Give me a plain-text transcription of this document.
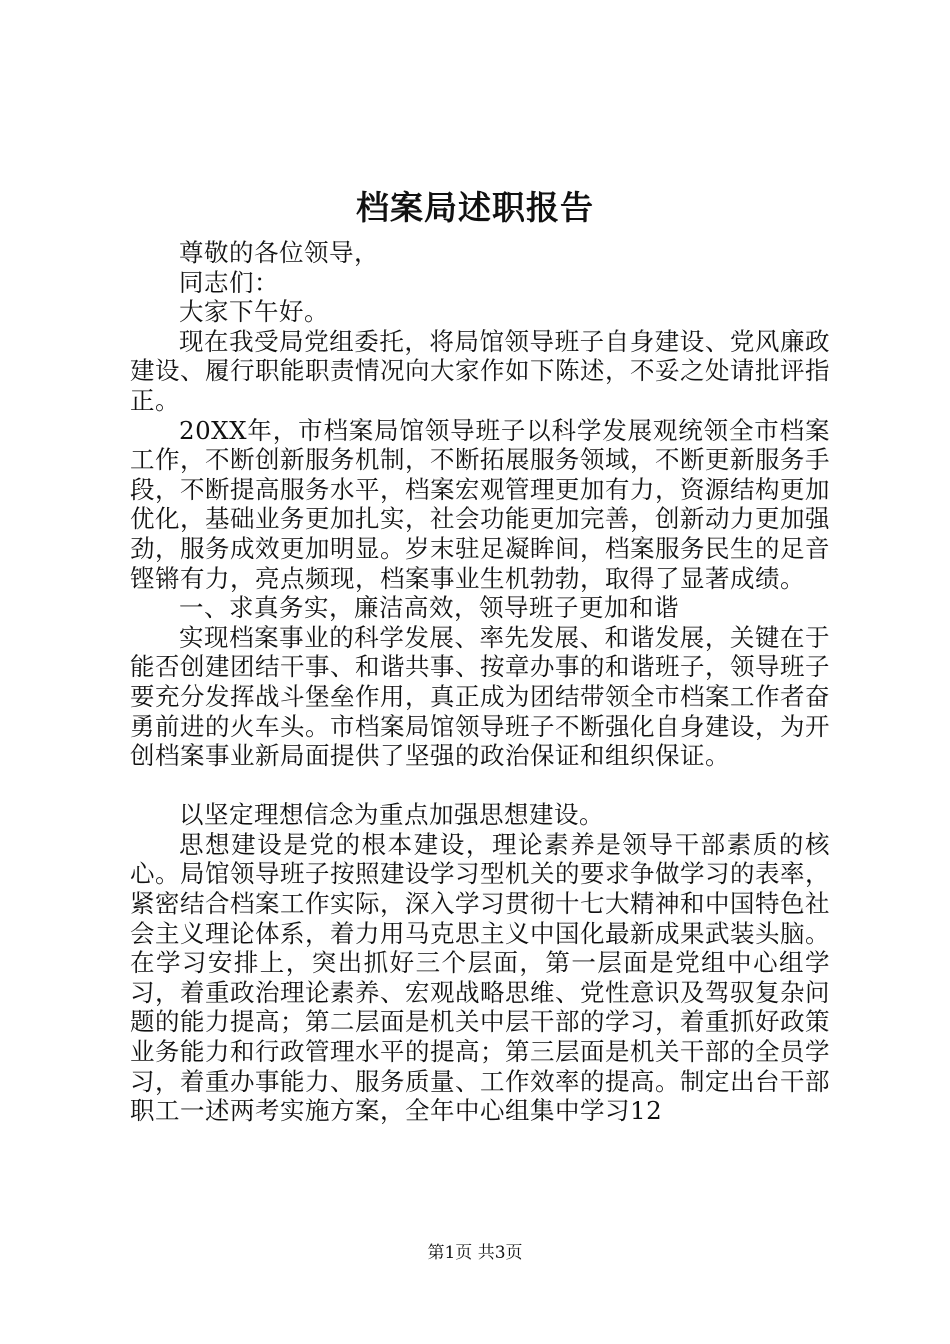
档案局述职报告

尊敬的各位领导，

同志们：

大家下午好。

现在我受局党组委托，将局馆领导班子自身建设、党风廉政建设、履行职能职责情况向大家作如下陈述，不妥之处请批评指正。

20XX年，市档案局馆领导班子以科学发展观统领全市档案工作，不断创新服务机制，不断拓展服务领域，不断更新服务手段，不断提高服务水平，档案宏观管理更加有力，资源结构更加优化，基础业务更加扎实，社会功能更加完善，创新动力更加强劲，服务成效更加明显。岁末驻足凝眸间，档案服务民生的足音铿锵有力，亮点频现，档案事业生机勃勃，取得了显著成绩。

一、求真务实，廉洁高效，领导班子更加和谐

实现档案事业的科学发展、率先发展、和谐发展，关键在于能否创建团结干事、和谐共事、按章办事的和谐班子，领导班子要充分发挥战斗堡垒作用，真正成为团结带领全市档案工作者奋勇前进的火车头。市档案局馆领导班子不断强化自身建设，为开创档案事业新局面提供了坚强的政治保证和组织保证。

以坚定理想信念为重点加强思想建设。

思想建设是党的根本建设，理论素养是领导干部素质的核心。局馆领导班子按照建设学习型机关的要求争做学习的表率，紧密结合档案工作实际，深入学习贯彻十七大精神和中国特色社会主义理论体系，着力用马克思主义中国化最新成果武装头脑。在学习安排上，突出抓好三个层面，第一层面是党组中心组学习，着重政治理论素养、宏观战略思维、党性意识及驾驭复杂问题的能力提高；第二层面是机关中层干部的学习，着重抓好政策业务能力和行政管理水平的提高；第三层面是机关干部的全员学习，着重办事能力、服务质量、工作效率的提高。制定出台干部职工一述两考实施方案，全年中心组集中学习12

第1页 共3页
